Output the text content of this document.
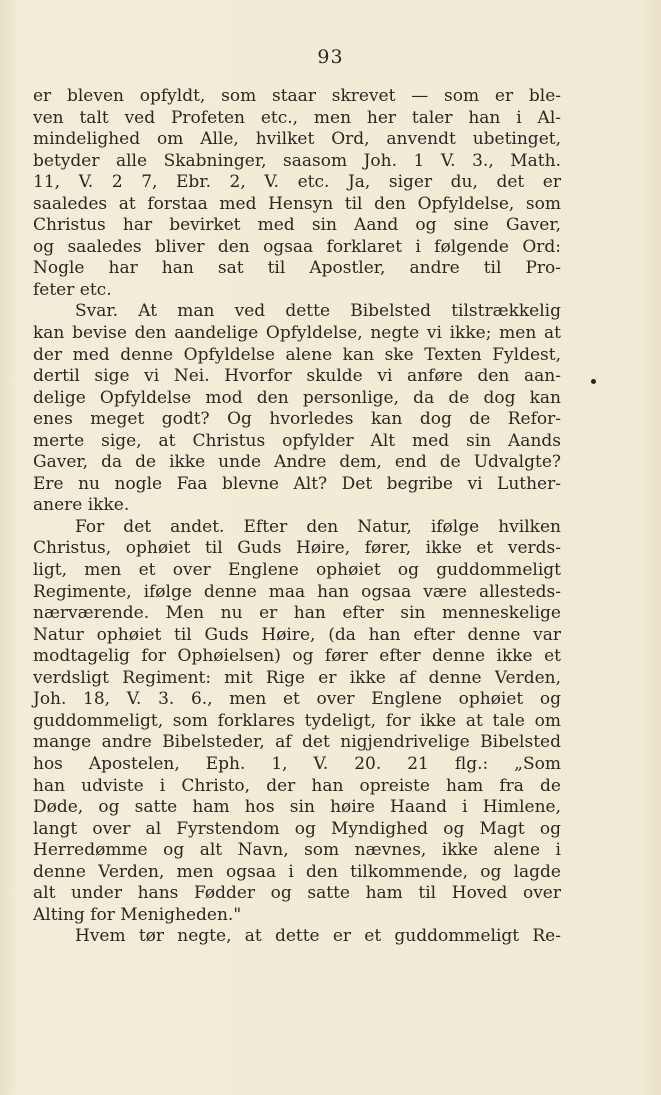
93
er bleven opfyldt, som staar skrevet — som er ble-
ven talt ved Profeten etc., men her taler han i Al-
mindelighed om Alle, hvilket Ord, anvendt ubetinget,
betyder alle Skabninger, saasom Joh. 1 V. 3., Math.
11, V. 2 7, Ebr. 2, V. etc. Ja, siger du, det er
saaledes at forstaa med Hensyn til den Opfyldelse, som
Christus har bevirket med sin Aand og sine Gaver,
og saaledes bliver den ogsaa forklaret i følgende Ord:
Nogle har han sat til Apostler, andre til Pro-
feter etc.
Svar. At man ved dette Bibelsted tilstrækkelig
kan bevise den aandelige Opfyldelse, negte vi ikke; men at
der med denne Opfyldelse alene kan ske Texten Fyldest,
dertil sige vi Nei. Hvorfor skulde vi anføre den aan-
delige Opfyldelse mod den personlige, da de dog kan
enes meget godt? Og hvorledes kan dog de Refor-
merte sige, at Christus opfylder Alt med sin Aands
Gaver, da de ikke unde Andre dem, end de Udvalgte?
Ere nu nogle Faa blevne Alt? Det begribe vi Luther-
anere ikke.
For det andet. Efter den Natur, ifølge hvilken
Christus, ophøiet til Guds Høire, fører, ikke et verds-
ligt, men et over Englene ophøiet og guddommeligt
Regimente, ifølge denne maa han ogsaa være allesteds-
nærværende. Men nu er han efter sin menneskelige
Natur ophøiet til Guds Høire, (da han efter denne var
modtagelig for Ophøielsen) og fører efter denne ikke et
verdsligt Regiment: mit Rige er ikke af denne Verden,
Joh. 18, V. 3. 6., men et over Englene ophøiet og
guddommeligt, som forklares tydeligt, for ikke at tale om
mange andre Bibelsteder, af det nigjendrivelige Bibelsted
hos Apostelen, Eph. 1, V. 20. 21 flg.: „Som
han udviste i Christo, der han opreiste ham fra de
Døde, og satte ham hos sin høire Haand i Himlene,
langt over al Fyrstendom og Myndighed og Magt og
Herredømme og alt Navn, som nævnes, ikke alene i
denne Verden, men ogsaa i den tilkommende, og lagde
alt under hans Fødder og satte ham til Hoved over
Alting for Menigheden."
Hvem tør negte, at dette er et guddommeligt Re-
